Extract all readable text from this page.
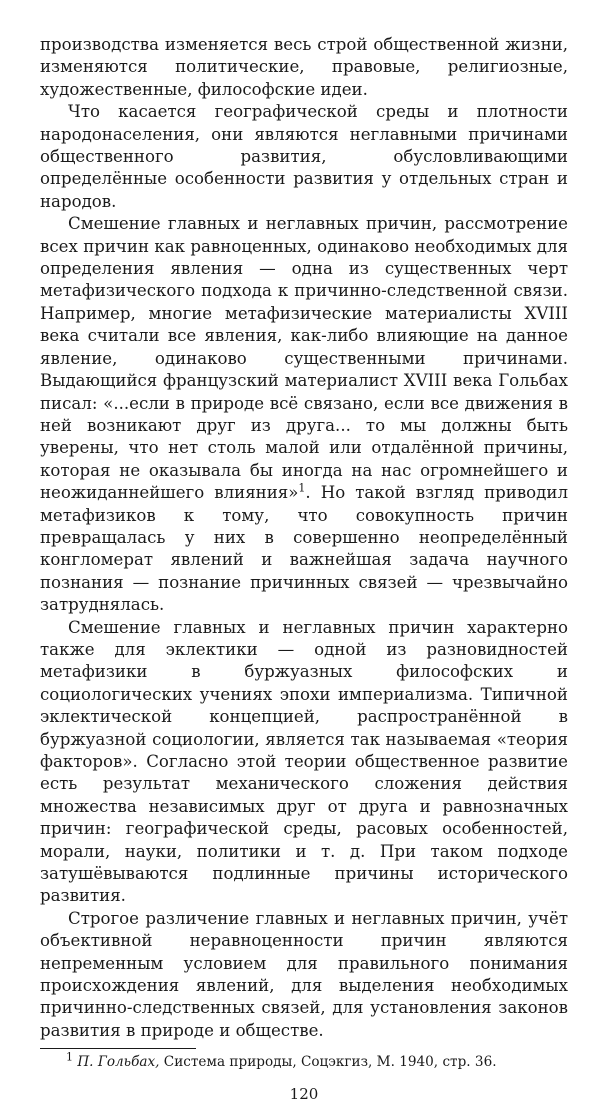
производства изменяется весь строй общественной жизни, изменяются политические, правовые, религиозные, художественные, философские идеи.

Что касается географической среды и плотности народонаселения, они являются неглавными причинами общественного развития, обусловливающими определённые особенности развития у отдельных стран и народов.

Смешение главных и неглавных причин, рассмотрение всех причин как равноценных, одинаково необходимых для определения явления — одна из существенных черт метафизического подхода к причинно-следственной связи. Например, многие метафизические материалисты XVIII века считали все явления, как-либо влияющие на данное явление, одинаково существенными причинами. Выдающийся французский материалист XVIII века Гольбах писал: «...если в природе всё связано, если все движения в ней возникают друг из друга... то мы должны быть уверены, что нет столь малой или отдалённой причины, которая не оказывала бы иногда на нас огромнейшего и неожиданнейшего влияния»$^1$. Но такой взгляд приводил метафизиков к тому, что совокупность причин превращалась у них в совершенно неопределённый конгломерат явлений и важнейшая задача научного познания — познание причинных связей — чрезвычайно затруднялась.

Смешение главных и неглавных причин характерно также для эклектики — одной из разновидностей метафизики в буржуазных философских и социологических учениях эпохи империализма. Типичной эклектической концепцией, распространённой в буржуазной социологии, является так называемая «теория факторов». Согласно этой теории общественное развитие есть результат механического сложения действия множества независимых друг от друга и равнозначных причин: географической среды, расовых особенностей, морали, науки, политики и т. д. При таком подходе затушёвываются подлинные причины исторического развития.

Строгое различение главных и неглавных причин, учёт объективной неравноценности причин являются непременным условием для правильного понимания происхождения явлений, для выделения необходимых причинно-следственных связей, для установления законов развития в природе и обществе.

$^1$ П. Гольбах, Система природы, Соцэкгиз, М. 1940, стр. 36.

120
